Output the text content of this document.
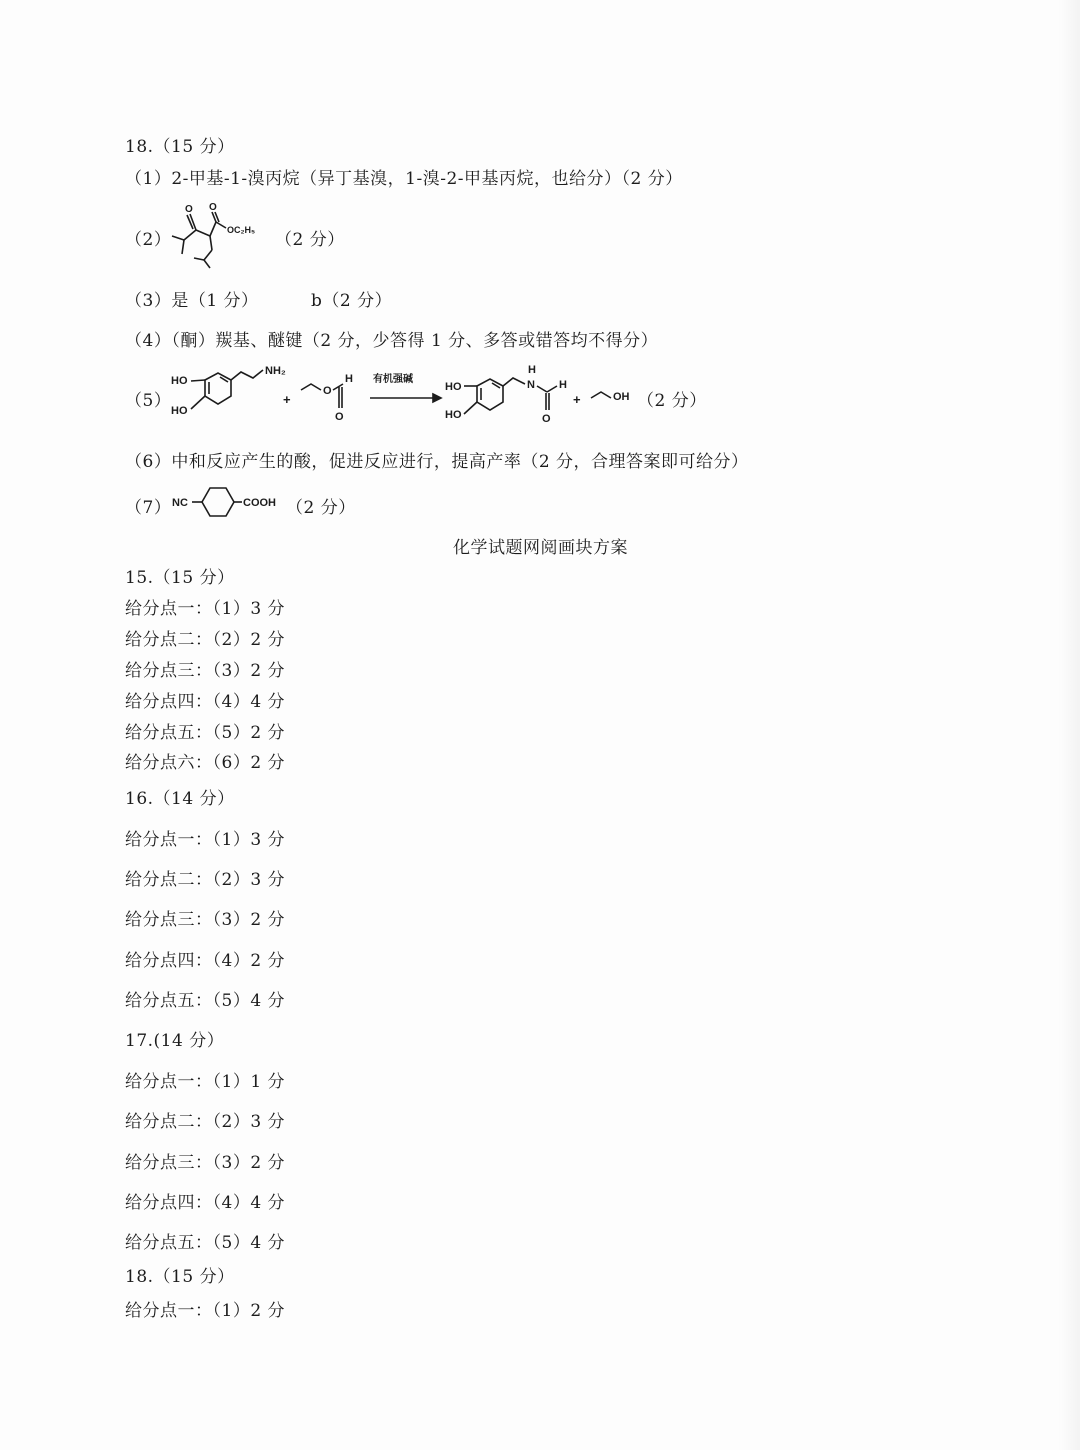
18.（15 分）
（1）2-甲基-1-溴丙烷（异丁基溴，1-溴-2-甲基丙烷，也给分）（2 分）
（2）
O O
OC₂H₅ （2 分）
（3）是（1 分）	b（2 分）
（4）（酮）羰基、醚键（2 分，少答得 1 分、多答或错答均不得分）
（5）
HO
HO
NH₂
+
O
H
O
有机强碱
HO
HO
N
H
H
O
+	OH （2 分）
（6）中和反应产生的酸，促进反应进行，提高产率（2 分，合理答案即可给分）
（7） NC	COOH （2 分）
化学试题网阅画块方案
15.（15 分）
给分点一：（1）3 分
给分点二：（2）2 分
给分点三：（3）2 分
给分点四：（4）4 分
给分点五：（5）2 分
给分点六：（6）2 分
16.（14 分）
给分点一：（1）3 分
给分点二：（2）3 分
给分点三：（3）2 分
给分点四：（4）2 分
给分点五：（5）4 分
17.(14 分）
给分点一：（1）1 分
给分点二：（2）3 分
给分点三：（3）2 分
给分点四：（4）4 分
给分点五：（5）4 分
18.（15 分）
给分点一：（1）2 分
